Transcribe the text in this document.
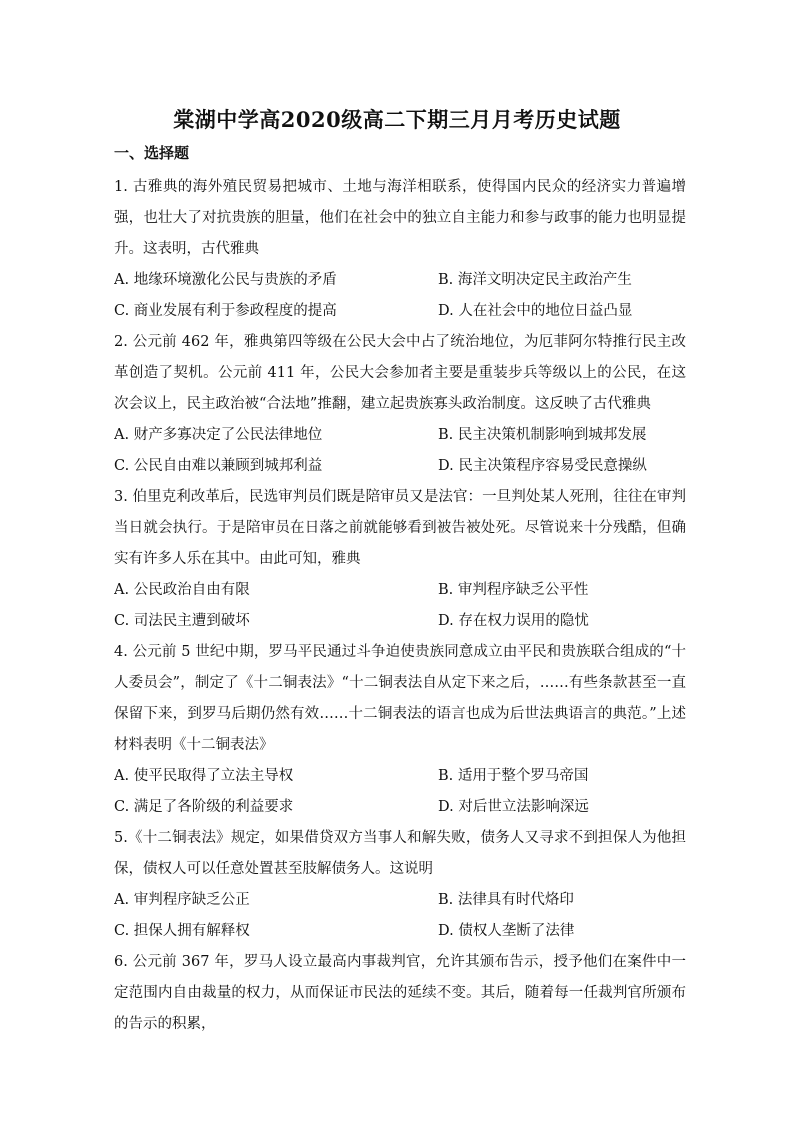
棠湖中学高2020级高二下期三月月考历史试题
一、选择题

1. 古雅典的海外殖民贸易把城市、土地与海洋相联系，使得国内民众的经济实力普遍增强，也壮大了对抗贵族的胆量，他们在社会中的独立自主能力和参与政事的能力也明显提升。这表明，古代雅典

A. 地缘环境激化公民与贵族的矛盾	B. 海洋文明决定民主政治产生
C. 商业发展有利于参政程度的提高	D. 人在社会中的地位日益凸显

2. 公元前 462 年，雅典第四等级在公民大会中占了统治地位，为厄菲阿尔特推行民主改革创造了契机。公元前 411 年，公民大会参加者主要是重装步兵等级以上的公民，在这次会议上，民主政治被“合法地”推翻，建立起贵族寡头政治制度。这反映了古代雅典

A. 财产多寡决定了公民法律地位	B. 民主决策机制影响到城邦发展
C. 公民自由难以兼顾到城邦利益	D. 民主决策程序容易受民意操纵

3. 伯里克利改革后，民选审判员们既是陪审员又是法官：一旦判处某人死刑，往往在审判当日就会执行。于是陪审员在日落之前就能够看到被告被处死。尽管说来十分残酷，但确实有许多人乐在其中。由此可知，雅典

A. 公民政治自由有限	B. 审判程序缺乏公平性
C. 司法民主遭到破坏	D. 存在权力误用的隐忧

4. 公元前 5 世纪中期，罗马平民通过斗争迫使贵族同意成立由平民和贵族联合组成的“十人委员会”，制定了《十二铜表法》“十二铜表法自从定下来之后，……有些条款甚至一直保留下来，到罗马后期仍然有效……十二铜表法的语言也成为后世法典语言的典范。”上述材料表明《十二铜表法》

A. 使平民取得了立法主导权	B. 适用于整个罗马帝国
C. 满足了各阶级的利益要求	D. 对后世立法影响深远

5.《十二铜表法》规定，如果借贷双方当事人和解失败，债务人又寻求不到担保人为他担保，债权人可以任意处置甚至肢解债务人。这说明

A. 审判程序缺乏公正	B. 法律具有时代烙印
C. 担保人拥有解释权	D. 债权人垄断了法律

6. 公元前 367 年，罗马人设立最高内事裁判官，允许其颁布告示，授予他们在案件中一定范围内自由裁量的权力，从而保证市民法的延续不变。其后，随着每一任裁判官所颁布的告示的积累，
